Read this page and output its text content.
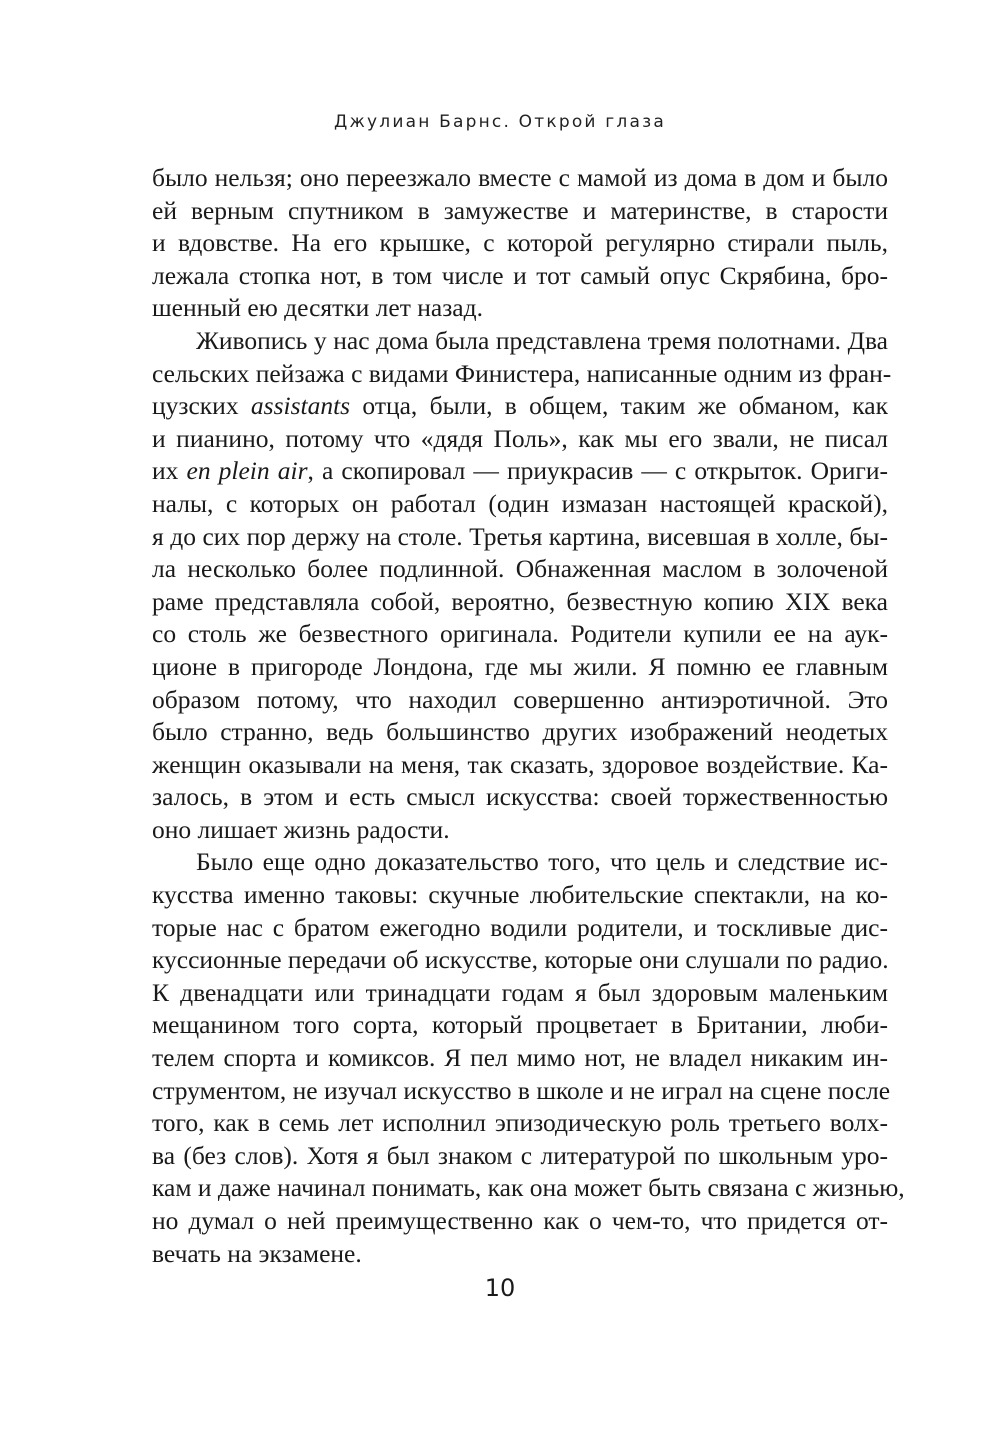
Джулиан Барнс. Открой глаза
было нельзя; оно переезжало вместе с мамой из дома в дом и было
ей верным спутником в замужестве и материнстве, в старости
и вдовстве. На его крышке, с которой регулярно стирали пыль,
лежала стопка нот, в том числе и тот самый опус Скрябина, бро-
шенный ею десятки лет назад.
Живопись у нас дома была представлена тремя полотнами. Два
сельских пейзажа с видами Финистера, написанные одним из фран-
цузских assistants отца, были, в общем, таким же обманом, как
и пианино, потому что «дядя Поль», как мы его звали, не писал
их en plein air, а скопировал — приукрасив — с открыток. Ориги-
налы, с которых он работал (один измазан настоящей краской),
я до сих пор держу на столе. Третья картина, висевшая в холле, бы-
ла несколько более подлинной. Обнаженная маслом в золоченой
раме представляла собой, вероятно, безвестную копию XIX века
со столь же безвестного оригинала. Родители купили ее на аук-
ционе в пригороде Лондона, где мы жили. Я помню ее главным
образом потому, что находил совершенно антиэротичной. Это
было странно, ведь большинство других изображений неодетых
женщин оказывали на меня, так сказать, здоровое воздействие. Ка-
залось, в этом и есть смысл искусства: своей торжественностью
оно лишает жизнь радости.
Было еще одно доказательство того, что цель и следствие ис-
кусства именно таковы: скучные любительские спектакли, на ко-
торые нас с братом ежегодно водили родители, и тоскливые дис-
куссионные передачи об искусстве, которые они слушали по радио.
К двенадцати или тринадцати годам я был здоровым маленьким
мещанином того сорта, который процветает в Британии, люби-
телем спорта и комиксов. Я пел мимо нот, не владел никаким ин-
струментом, не изучал искусство в школе и не играл на сцене после
того, как в семь лет исполнил эпизодическую роль третьего волх-
ва (без слов). Хотя я был знаком с литературой по школьным уро-
кам и даже начинал понимать, как она может быть связана с жизнью,
но думал о ней преимущественно как о чем-то, что придется от-
вечать на экзамене.
10
